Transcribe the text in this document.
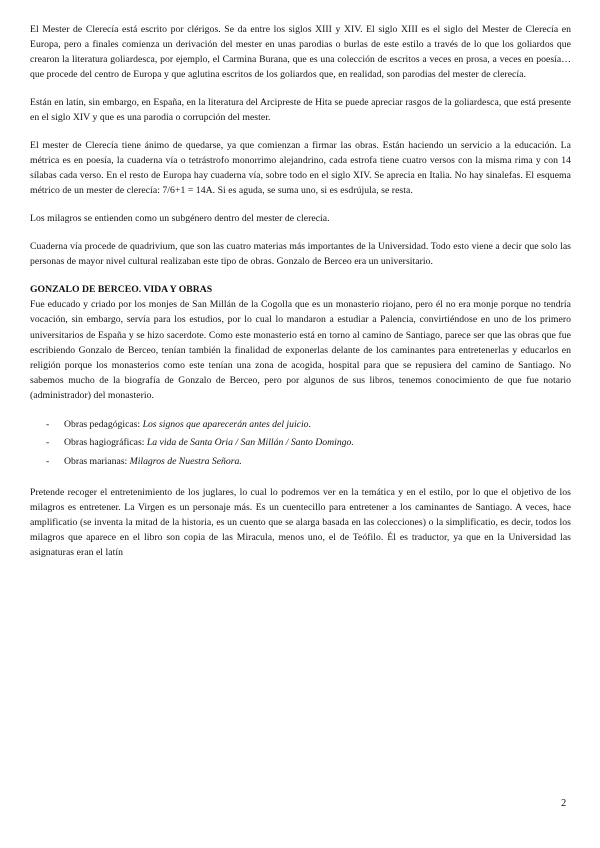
El Mester de Clerecía está escrito por clérigos. Se da entre los siglos XIII y XIV. El siglo XIII es el siglo del Mester de Clerecía en Europa, pero a finales comienza un derivación del mester en unas parodias o burlas de este estilo a través de lo que los goliardos que crearon la literatura goliardesca, por ejemplo, el Carmina Burana, que es una colección de escritos a veces en prosa, a veces en poesía… que procede del centro de Europa y que aglutina escritos de los goliardos que, en realidad, son parodias del mester de clerecía.

Están en latín, sin embargo, en España, en la literatura del Arcipreste de Hita se puede apreciar rasgos de la goliardesca, que está presente en el siglo XIV y que es una parodia o corrupción del mester.

El mester de Clerecía tiene ánimo de quedarse, ya que comienzan a firmar las obras. Están haciendo un servicio a la educación. La métrica es en poesía, la cuaderna vía o tetrástrofo monorrimo alejandrino, cada estrofa tiene cuatro versos con la misma rima y con 14 sílabas cada verso. En el resto de Europa hay cuaderna vía, sobre todo en el siglo XIV. Se aprecia en Italia. No hay sinalefas. El esquema métrico de un mester de clerecía: 7/6+1 = 14A. Si es aguda, se suma uno, si es esdrújula, se resta.

Los milagros se entienden como un subgénero dentro del mester de clerecía.

Cuaderna vía procede de quadrivium, que son las cuatro materias más importantes de la Universidad. Todo esto viene a decir que solo las personas de mayor nivel cultural realizaban este tipo de obras. Gonzalo de Berceo era un universitario.

GONZALO DE BERCEO. VIDA Y OBRAS

Fue educado y criado por los monjes de San Millán de la Cogolla que es un monasterio riojano, pero él no era monje porque no tendría vocación, sin embargo, servía para los estudios, por lo cual lo mandaron a estudiar a Palencia, convirtiéndose en uno de los primero universitarios de España y se hizo sacerdote. Como este monasterio está en torno al camino de Santiago, parece ser que las obras que fue escribiendo Gonzalo de Berceo, tenían también la finalidad de exponerlas delante de los caminantes para entretenerlas y educarlos en religión porque los monasterios como este tenían una zona de acogida, hospital para que se repusiera del camino de Santiago. No sabemos mucho de la biografía de Gonzalo de Berceo, pero por algunos de sus libros, tenemos conocimiento de que fue notario (administrador) del monasterio.

- Obras pedagógicas: Los signos que aparecerán antes del juicio.
- Obras hagiográficas: La vida de Santa Oria / San Millán / Santo Domingo.
- Obras marianas: Milagros de Nuestra Señora.

Pretende recoger el entretenimiento de los juglares, lo cual lo podremos ver en la temática y en el estilo, por lo que el objetivo de los milagros es entretener. La Virgen es un personaje más. Es un cuentecillo para entretener a los caminantes de Santiago. A veces, hace amplificatio (se inventa la mitad de la historia, es un cuento que se alarga basada en las colecciones) o la simplificatio, es decir, todos los milagros que aparece en el libro son copia de las Miracula, menos uno, el de Teófilo. Él es traductor, ya que en la Universidad las asignaturas eran el latín

2
